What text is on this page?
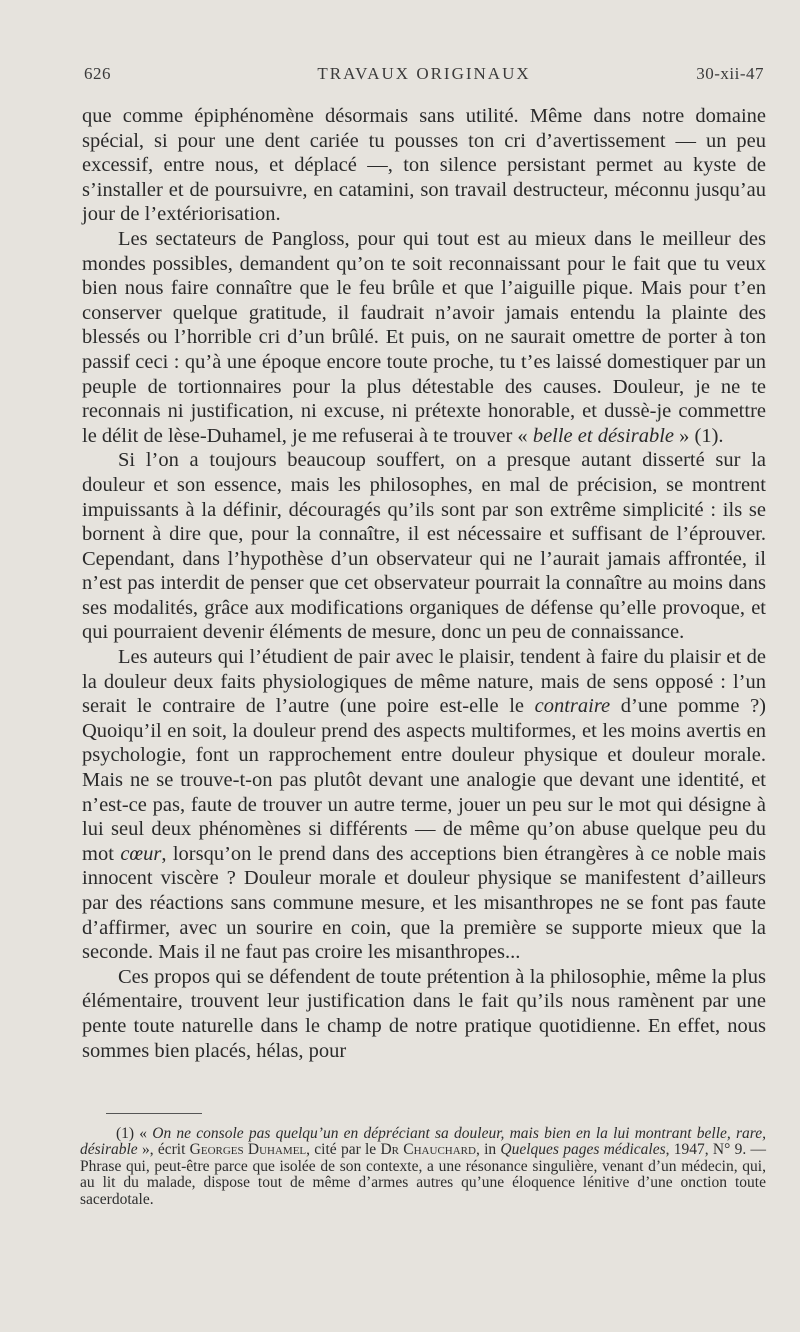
626	TRAVAUX ORIGINAUX	30-xii-47

que comme épiphénomène désormais sans utilité. Même dans notre domaine spécial, si pour une dent cariée tu pousses ton cri d’avertissement — un peu excessif, entre nous, et déplacé —, ton silence persistant permet au kyste de s’installer et de poursuivre, en catamini, son travail destructeur, méconnu jusqu’au jour de l’extériorisation.

Les sectateurs de Pangloss, pour qui tout est au mieux dans le meilleur des mondes possibles, demandent qu’on te soit reconnaissant pour le fait que tu veux bien nous faire connaître que le feu brûle et que l’aiguille pique. Mais pour t’en conserver quelque gratitude, il faudrait n’avoir jamais entendu la plainte des blessés ou l’horrible cri d’un brûlé. Et puis, on ne saurait omettre de porter à ton passif ceci : qu’à une époque encore toute proche, tu t’es laissé domestiquer par un peuple de tortionnaires pour la plus détestable des causes. Douleur, je ne te reconnais ni justification, ni excuse, ni prétexte honorable, et dussè-je commettre le délit de lèse-Duhamel, je me refuserai à te trouver « belle et désirable » (1).

Si l’on a toujours beaucoup souffert, on a presque autant disserté sur la douleur et son essence, mais les philosophes, en mal de précision, se montrent impuissants à la définir, découragés qu’ils sont par son extrême simplicité : ils se bornent à dire que, pour la connaître, il est nécessaire et suffisant de l’éprouver. Cependant, dans l’hypothèse d’un observateur qui ne l’aurait jamais affrontée, il n’est pas interdit de penser que cet observateur pourrait la connaître au moins dans ses modalités, grâce aux modifications organiques de défense qu’elle provoque, et qui pourraient devenir éléments de mesure, donc un peu de connaissance.

Les auteurs qui l’étudient de pair avec le plaisir, tendent à faire du plaisir et de la douleur deux faits physiologiques de même nature, mais de sens opposé : l’un serait le contraire de l’autre (une poire est-elle le contraire d’une pomme ?) Quoiqu’il en soit, la douleur prend des aspects multiformes, et les moins avertis en psychologie, font un rapprochement entre douleur physique et douleur morale. Mais ne se trouve-t-on pas plutôt devant une analogie que devant une identité, et n’est-ce pas, faute de trouver un autre terme, jouer un peu sur le mot qui désigne à lui seul deux phénomènes si différents — de même qu’on abuse quelque peu du mot cœur, lorsqu’on le prend dans des acceptions bien étrangères à ce noble mais innocent viscère ? Douleur morale et douleur physique se manifestent d’ailleurs par des réactions sans commune mesure, et les misanthropes ne se font pas faute d’affirmer, avec un sourire en coin, que la première se supporte mieux que la seconde. Mais il ne faut pas croire les misanthropes...

Ces propos qui se défendent de toute prétention à la philosophie, même la plus élémentaire, trouvent leur justification dans le fait qu’ils nous ramènent par une pente toute naturelle dans le champ de notre pratique quotidienne. En effet, nous sommes bien placés, hélas, pour

(1) « On ne console pas quelqu’un en dépréciant sa douleur, mais bien en la lui montrant belle, rare, désirable », écrit Georges Duhamel, cité par le Dr Chauchard, in Quelques pages médicales, 1947, N° 9. — Phrase qui, peut-être parce que isolée de son contexte, a une résonance singulière, venant d’un médecin, qui, au lit du malade, dispose tout de même d’armes autres qu’une éloquence lénitive d’une onction toute sacerdotale.
